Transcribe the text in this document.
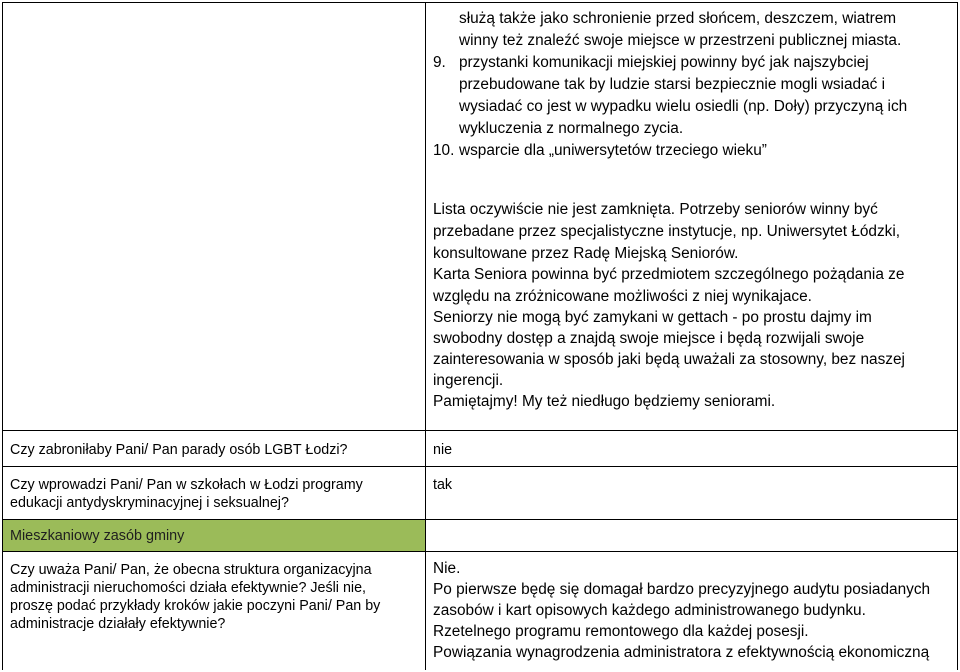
służą także jako schronienie przed słońcem, deszczem, wiatrem
winny też znaleźć swoje miejsce w przestrzeni publicznej miasta.
9. przystanki komunikacji miejskiej powinny być jak najszybciej
przebudowane tak by ludzie starsi bezpiecznie mogli wsiadać i
wysiadać co jest w wypadku wielu osiedli (np. Doły) przyczyną ich
wykluczenia z normalnego zycia.
10. wsparcie dla „uniwersytetów trzeciego wieku”
Lista oczywiście nie jest zamknięta. Potrzeby seniorów winny być
przebadane przez specjalistyczne instytucje, np. Uniwersytet Łódzki,
konsultowane przez Radę Miejską Seniorów.
Karta Seniora powinna być przedmiotem szczególnego pożądania ze
względu na zróżnicowane możliwości z niej wynikajace.
Seniorzy nie mogą być zamykani w gettach - po prostu dajmy im
swobodny dostęp a znajdą swoje miejsce i będą rozwijali swoje
zainteresowania w sposób jaki będą uważali za stosowny, bez naszej
ingerencji.
Pamiętajmy! My też niedługo będziemy seniorami.
Czy zabroniłaby Pani/ Pan parady osób LGBT Łodzi?	nie
Czy wprowadzi Pani/ Pan w szkołach w Łodzi programy
edukacji antydyskryminacyjnej i seksualnej?
tak
Mieszkaniowy zasób gminy
Czy uważa Pani/ Pan, że obecna struktura organizacyjna
administracji nieruchomości działa efektywnie? Jeśli nie,
proszę podać przykłady kroków jakie poczyni Pani/ Pan by
administracje działały efektywnie?
Nie.
Po pierwsze będę się domagał bardzo precyzyjnego audytu posiadanych
zasobów i kart opisowych każdego administrowanego budynku.
Rzetelnego programu remontowego dla każdej posesji.
Powiązania wynagrodzenia administratora z efektywnością ekonomiczną
